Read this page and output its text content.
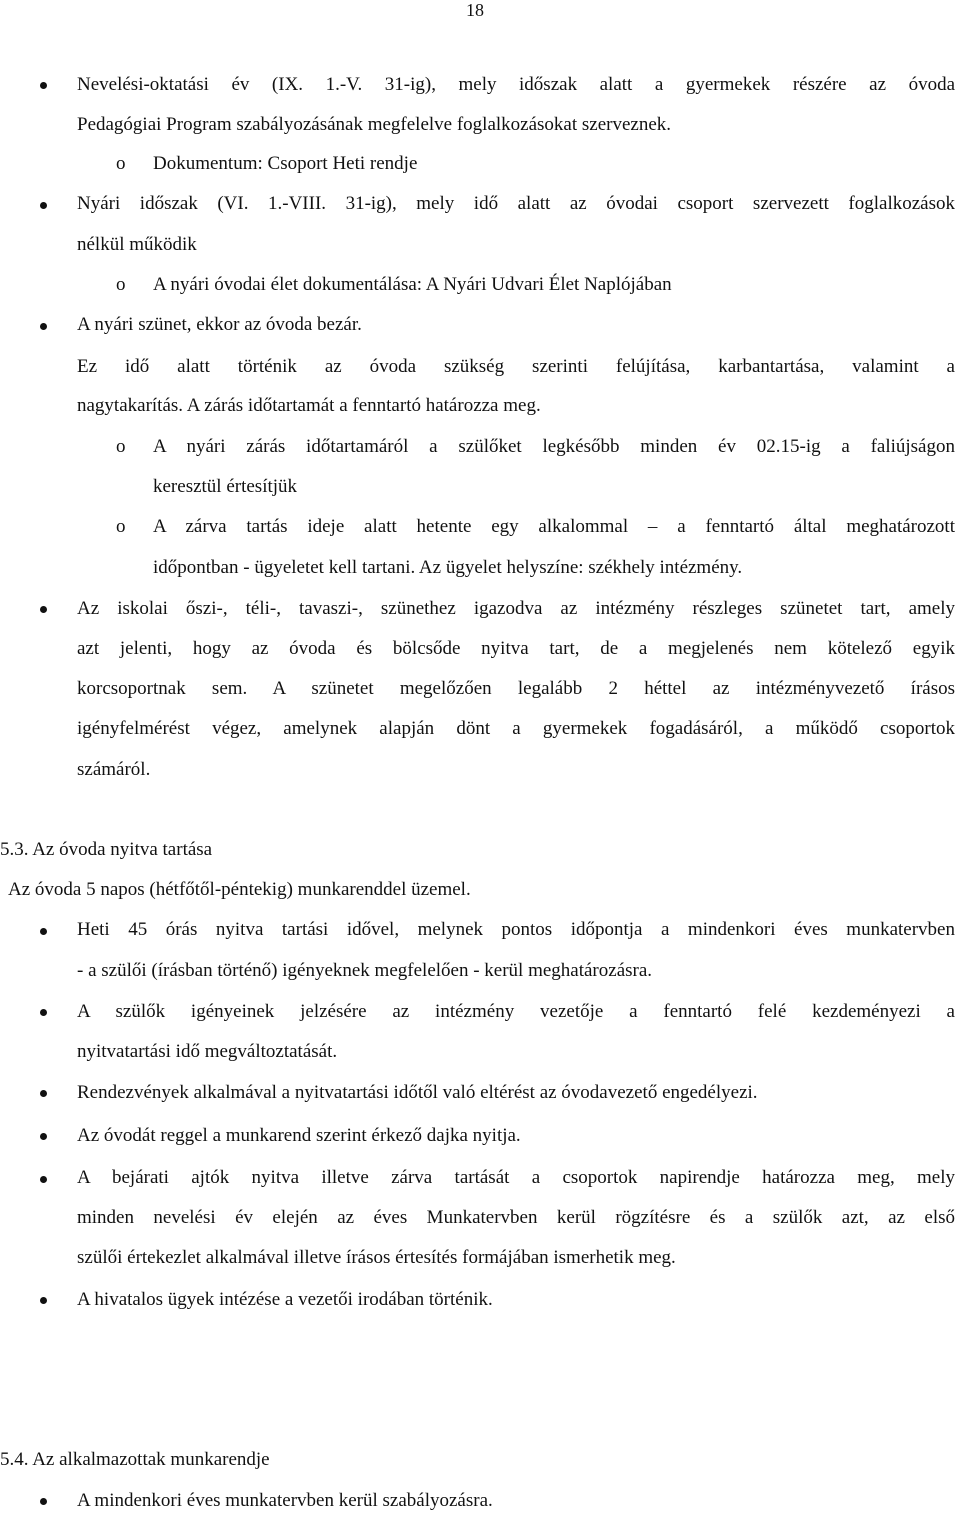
18
Nevelési-oktatási év (IX. 1.-V. 31-ig), mely időszak alatt a gyermekek részére az óvoda
Pedagógiai Program szabályozásának megfelelve foglalkozásokat szerveznek.
o Dokumentum: Csoport Heti rendje
Nyári időszak (VI. 1.-VIII. 31-ig), mely idő alatt az óvodai csoport szervezett foglalkozások
nélkül működik
o A nyári óvodai élet dokumentálása: A Nyári Udvari Élet Naplójában
A nyári szünet, ekkor az óvoda bezár.
Ez idő alatt történik az óvoda szükség szerinti felújítása, karbantartása, valamint a
nagytakarítás. A zárás időtartamát a fenntartó határozza meg.
o A nyári zárás időtartamáról a szülőket legkésőbb minden év 02.15-ig a faliújságon
keresztül értesítjük
o A zárva tartás ideje alatt hetente egy alkalommal – a fenntartó által meghatározott
időpontban - ügyeletet kell tartani. Az ügyelet helyszíne: székhely intézmény.
Az iskolai őszi-, téli-, tavaszi-, szünethez igazodva az intézmény részleges szünetet tart, amely
azt jelenti, hogy az óvoda és bölcsőde nyitva tart, de a megjelenés nem kötelező egyik
korcsoportnak sem. A szünetet megelőzően legalább 2 héttel az intézményvezető írásos
igényfelmérést végez, amelynek alapján dönt a gyermekek fogadásáról, a működő csoportok
számáról.
5.3. Az óvoda nyitva tartása
Az óvoda 5 napos (hétfőtől-péntekig) munkarenddel üzemel.
Heti 45 órás nyitva tartási idővel, melynek pontos időpontja a mindenkori éves munkatervben
- a szülői (írásban történő) igényeknek megfelelően - kerül meghatározásra.
A szülők igényeinek jelzésére az intézmény vezetője a fenntartó felé kezdeményezi a
nyitvatartási idő megváltoztatását.
Rendezvények alkalmával a nyitvatartási időtől való eltérést az óvodavezető engedélyezi.
Az óvodát reggel a munkarend szerint érkező dajka nyitja.
A bejárati ajtók nyitva illetve zárva tartását a csoportok napirendje határozza meg, mely
minden nevelési év elején az éves Munkatervben kerül rögzítésre és a szülők azt, az első
szülői értekezlet alkalmával illetve írásos értesítés formájában ismerhetik meg.
A hivatalos ügyek intézése a vezetői irodában történik.
5.4. Az alkalmazottak munkarendje
A mindenkori éves munkatervben kerül szabályozásra.
